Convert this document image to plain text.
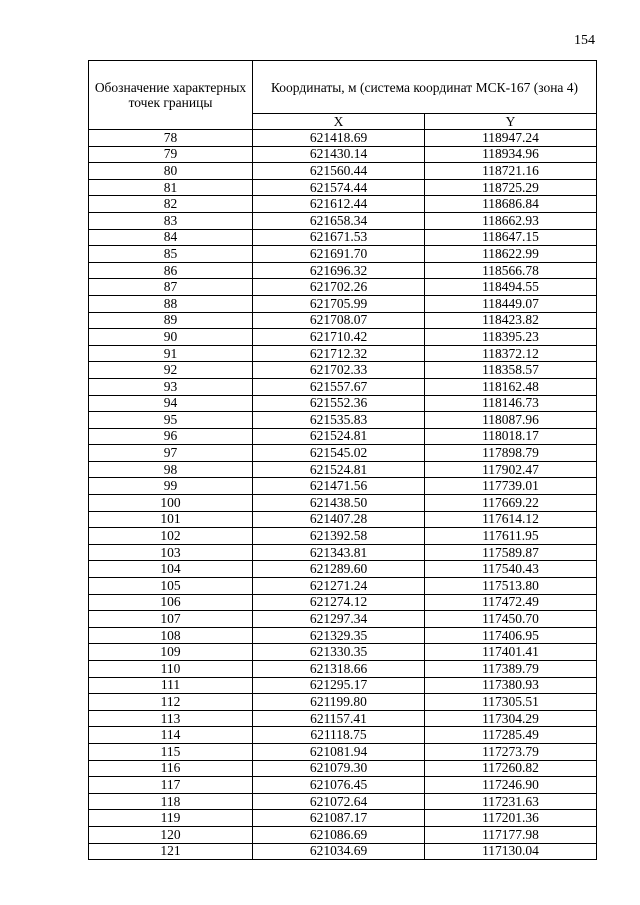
154
Обозначение характерных точек границы	Координаты, м (система координат МСК-167 (зона 4)	
	X	Y
78	621418.69	118947.24
79	621430.14	118934.96
80	621560.44	118721.16
81	621574.44	118725.29
82	621612.44	118686.84
83	621658.34	118662.93
84	621671.53	118647.15
85	621691.70	118622.99
86	621696.32	118566.78
87	621702.26	118494.55
88	621705.99	118449.07
89	621708.07	118423.82
90	621710.42	118395.23
91	621712.32	118372.12
92	621702.33	118358.57
93	621557.67	118162.48
94	621552.36	118146.73
95	621535.83	118087.96
96	621524.81	118018.17
97	621545.02	117898.79
98	621524.81	117902.47
99	621471.56	117739.01
100	621438.50	117669.22
101	621407.28	117614.12
102	621392.58	117611.95
103	621343.81	117589.87
104	621289.60	117540.43
105	621271.24	117513.80
106	621274.12	117472.49
107	621297.34	117450.70
108	621329.35	117406.95
109	621330.35	117401.41
110	621318.66	117389.79
111	621295.17	117380.93
112	621199.80	117305.51
113	621157.41	117304.29
114	621118.75	117285.49
115	621081.94	117273.79
116	621079.30	117260.82
117	621076.45	117246.90
118	621072.64	117231.63
119	621087.17	117201.36
120	621086.69	117177.98
121	621034.69	117130.04
